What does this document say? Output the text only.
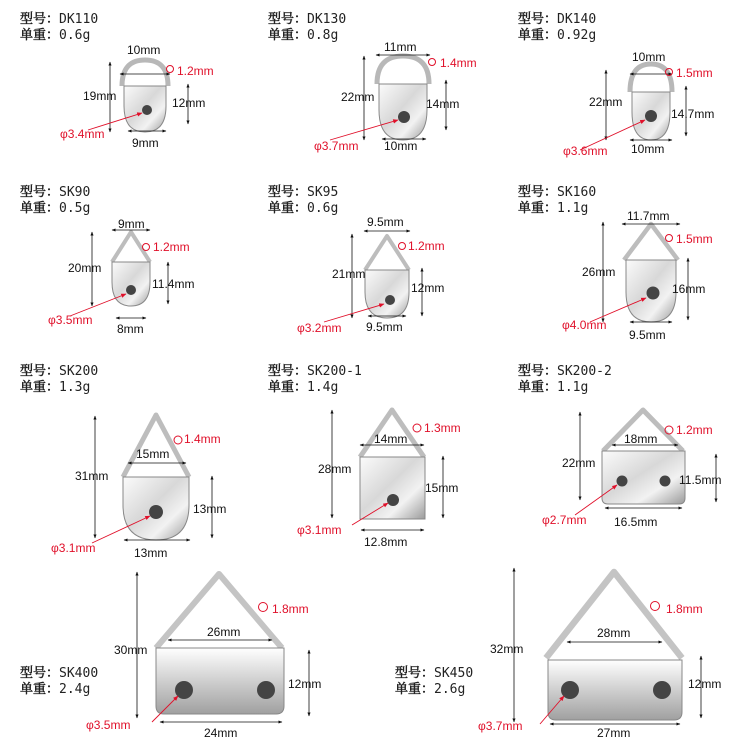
10mm
19mm	12mm
9mm
1.2mm
φ3.4mm
11mm
22mm	14mm
10mm
1.4mm
φ3.7mm
10mm
22mm
14.7mm
10mm
1.5mm
φ3.6mm
9mm
20mm
11.4mm
8mm
1.2mm
φ3.5mm
9.5mm
21mm
12mm
9.5mm
1.2mm
φ3.2mm
11.7mm
26mm
16mm
9.5mm
1.5mm
φ4.0mm
15mm
31mm
13mm
13mm
1.4mm
φ3.1mm
14mm
28mm
15mm
12.8mm
1.3mm
φ3.1mm
18mm
22mm
11.5mm
16.5mm
1.2mm
φ2.7mm
26mm
30mm
12mm
24mm
1.8mm
φ3.5mm
28mm
32mm
12mm
27mm
1.8mm
φ3.7mm
型号：DK110
单重：0.6g
型号：DK130
单重：0.8g
型号：DK140
单重：0.92g
型号：SK90
单重：0.5g
型号：SK95
单重：0.6g
型号：SK160
单重：1.1g
型号：SK200
单重：1.3g
型号：SK200-1
单重：1.4g
型号：SK200-2
单重：1.1g
型号：SK400
单重：2.4g
型号：SK450
单重：2.6g
